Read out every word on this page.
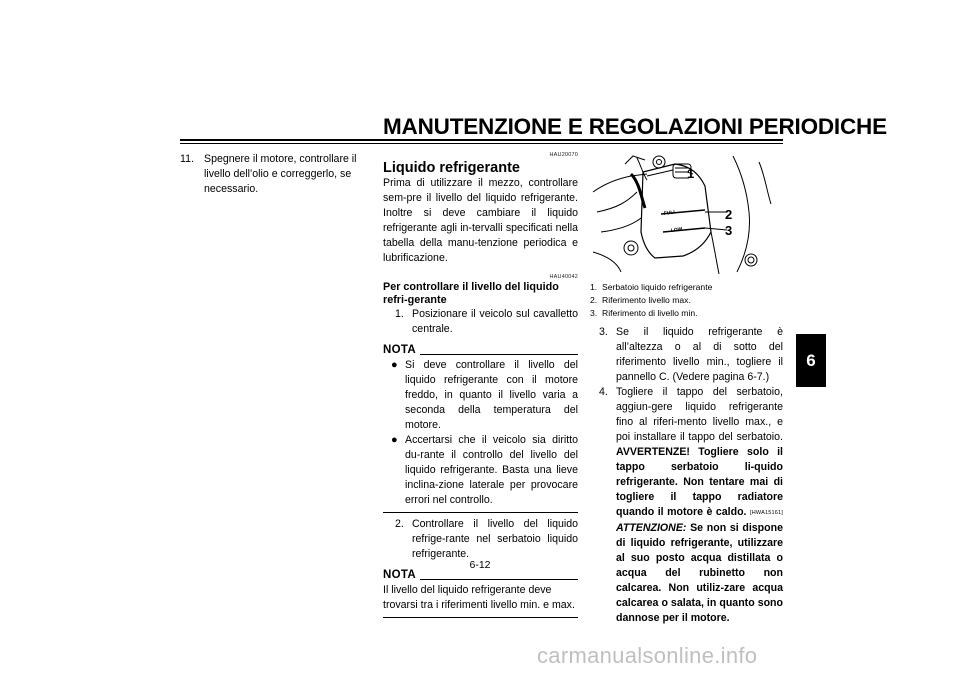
MANUTENZIONE E REGOLAZIONI PERIODICHE
6
11. Spegnere il motore, controllare il livello dell’olio e correggerlo, se necessario.
HAU20070
Liquido refrigerante
Prima di utilizzare il mezzo, controllare sem-pre il livello del liquido refrigerante. Inoltre si deve cambiare il liquido refrigerante agli in-tervalli specificati nella tabella della manu-tenzione periodica e lubrificazione.
HAU40042
Per controllare il livello del liquido refri-gerante
1. Posizionare il veicolo sul cavalletto centrale.
NOTA
● Si deve controllare il livello del liquido refrigerante con il motore freddo, in quanto il livello varia a seconda della temperatura del motore.
● Accertarsi che il veicolo sia diritto du-rante il controllo del livello del liquido refrigerante. Basta una lieve inclina-zione laterale per provocare errori nel controllo.
2. Controllare il livello del liquido refrige-rante nel serbatoio liquido refrigerante.
NOTA
Il livello del liquido refrigerante deve trovarsi tra i riferimenti livello min. e max.
FULL
LOW
1
2
3
1. Serbatoio liquido refrigerante
2. Riferimento livello max.
3. Riferimento di livello min.
3. Se il liquido refrigerante è all’altezza o al di sotto del riferimento livello min., togliere il pannello C. (Vedere pagina 6-7.)
4. Togliere il tappo del serbatoio, aggiun-gere liquido refrigerante fino al riferi-mento livello max., e poi installare il tappo del serbatoio. AVVERTENZE! Togliere solo il tappo serbatoio li-quido refrigerante. Non tentare mai di togliere il tappo radiatore quando il motore è caldo. [HWA15161] ATTENZIONE: Se non si dispone di liquido refrigerante, utilizzare al suo posto acqua distillata o acqua del rubinetto non calcarea. Non utiliz-zare acqua calcarea o salata, in quanto sono dannose per il motore.
6-12
carmanualsonline.info
